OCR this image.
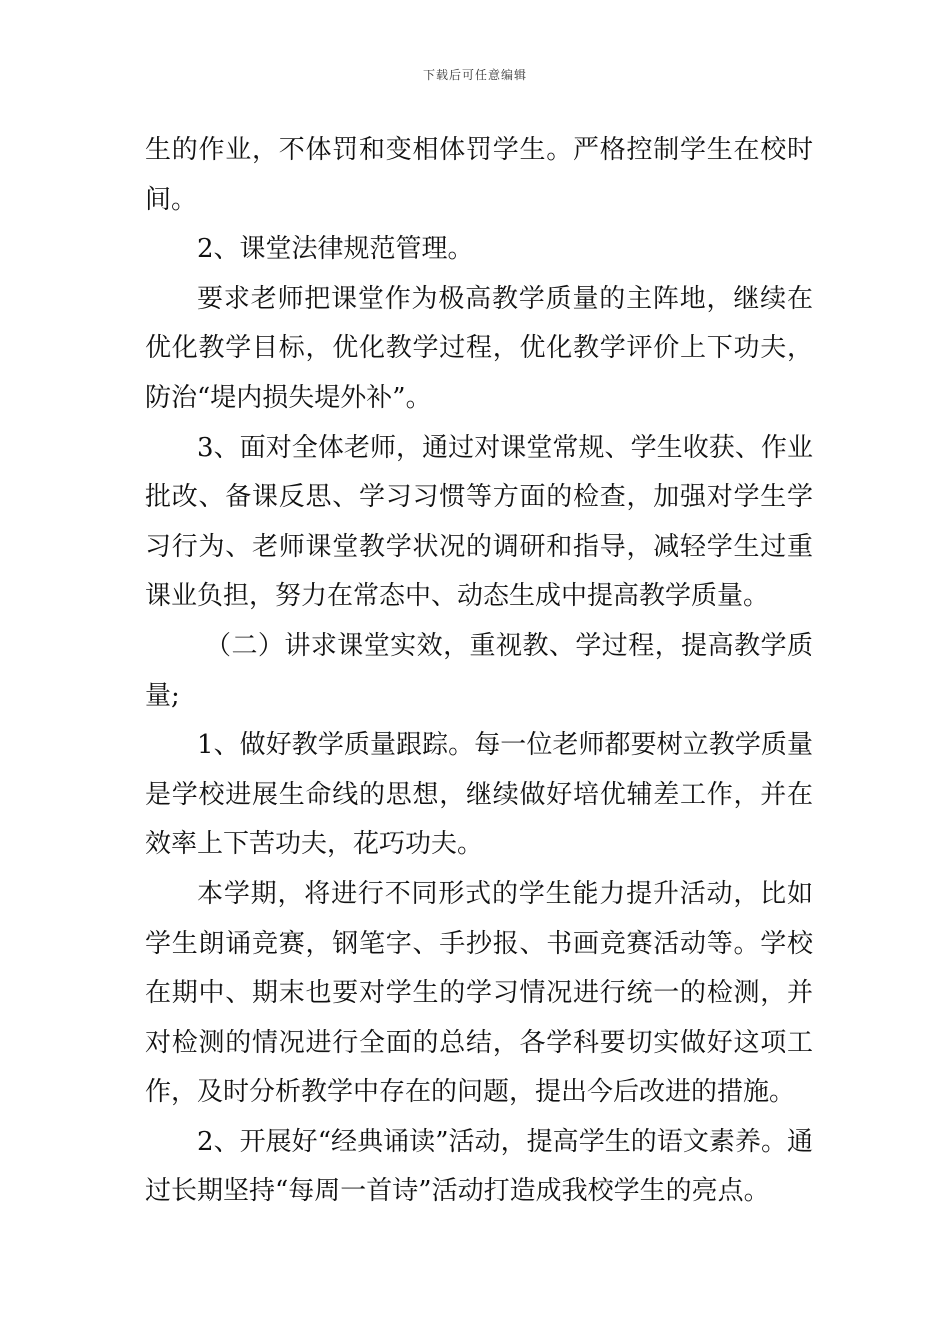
下载后可任意编辑

生的作业，不体罚和变相体罚学生。严格控制学生在校时间。

2、课堂法律规范管理。

要求老师把课堂作为极高教学质量的主阵地，继续在优化教学目标，优化教学过程，优化教学评价上下功夫，防治“堤内损失堤外补”。

3、面对全体老师，通过对课堂常规、学生收获、作业批改、备课反思、学习习惯等方面的检查，加强对学生学习行为、老师课堂教学状况的调研和指导，减轻学生过重课业负担，努力在常态中、动态生成中提高教学质量。

（二）讲求课堂实效，重视教、学过程，提高教学质量;

1、做好教学质量跟踪。每一位老师都要树立教学质量是学校进展生命线的思想，继续做好培优辅差工作，并在效率上下苦功夫，花巧功夫。

本学期，将进行不同形式的学生能力提升活动，比如学生朗诵竞赛，钢笔字、手抄报、书画竞赛活动等。学校在期中、期末也要对学生的学习情况进行统一的检测，并对检测的情况进行全面的总结，各学科要切实做好这项工作，及时分析教学中存在的问题，提出今后改进的措施。

2、开展好“经典诵读”活动，提高学生的语文素养。通过长期坚持“每周一首诗”活动打造成我校学生的亮点。
